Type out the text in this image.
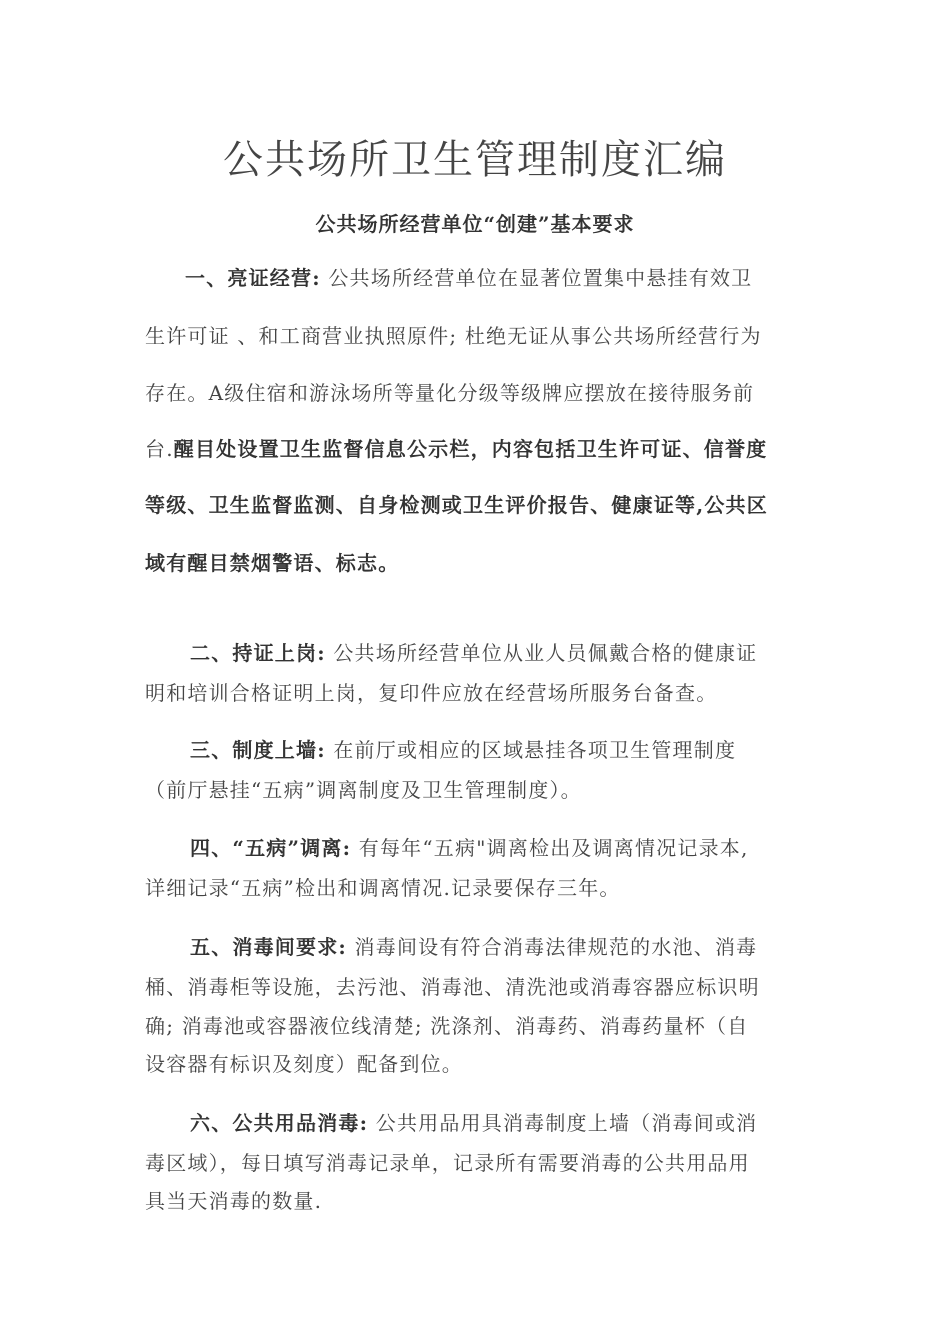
公共场所卫生管理制度汇编
公共场所经营单位“创建”基本要求
一、亮证经营: 公共场所经营单位在显著位置集中悬挂有效卫
生许可证 、和工商营业执照原件; 杜绝无证从事公共场所经营行为
存在。A级住宿和游泳场所等量化分级等级牌应摆放在接待服务前
台.醒目处设置卫生监督信息公示栏，内容包括卫生许可证、信誉度
等级、卫生监督监测、自身检测或卫生评价报告、健康证等,公共区
域有醒目禁烟警语、标志。
二、持证上岗: 公共场所经营单位从业人员佩戴合格的健康证
明和培训合格证明上岗，复印件应放在经营场所服务台备查。
三、制度上墙: 在前厅或相应的区域悬挂各项卫生管理制度
（前厅悬挂“五病”调离制度及卫生管理制度）。
四、“五病”调离: 有每年“五病"调离检出及调离情况记录本,
详细记录“五病”检出和调离情况.记录要保存三年。
五、消毒间要求: 消毒间设有符合消毒法律规范的水池、消毒
桶、消毒柜等设施，去污池、消毒池、清洗池或消毒容器应标识明
确; 消毒池或容器液位线清楚; 洗涤剂、消毒药、消毒药量杯（自
设容器有标识及刻度）配备到位。
六、公共用品消毒: 公共用品用具消毒制度上墙（消毒间或消
毒区域），每日填写消毒记录单，记录所有需要消毒的公共用品用
具当天消毒的数量.
